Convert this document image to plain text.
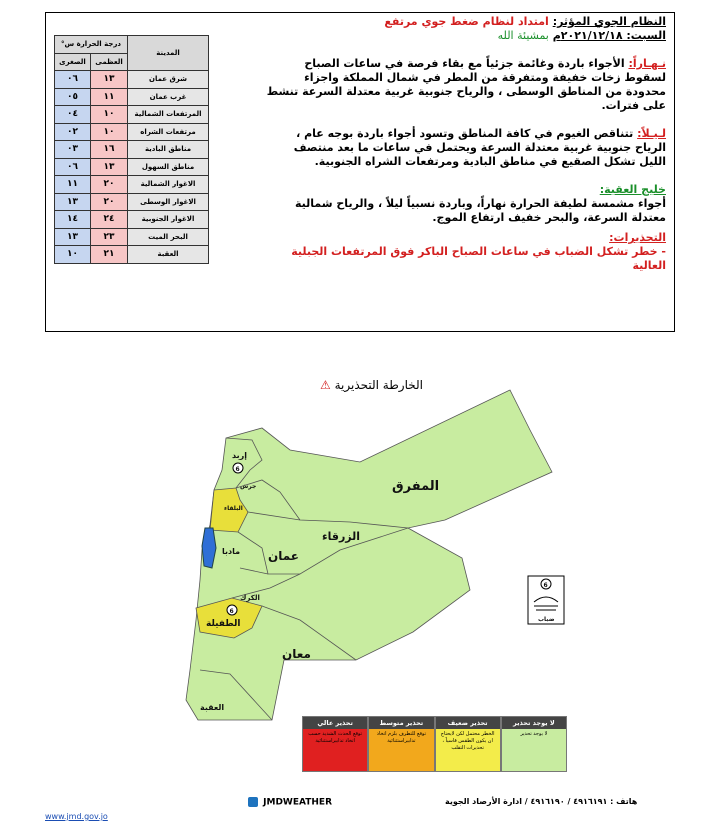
النظام الجوي المؤثر: امتداد لنظام ضغط جوي مرتفع
السبت: ٢٠٢١/١٢/١٨م بمشيئة الله

نـهـاراً: الأجواء باردة وغائمة جزئياً مع بقاء فرصة في ساعات الصباح لسقوط زخات خفيفة ومتفرقة من المطر في شمال المملكة واجزاء محدودة من المناطق الوسطى ، والرياح جنوبية غربية معتدلة السرعة تنشط على فترات.

لـيـلاً: تتناقص الغيوم في كافة المناطق وتسود أجواء باردة بوجه عام ، الرياح جنوبية غربية معتدلة السرعة ويحتمل في ساعات ما بعد منتصف الليل تشكل الصقيع في مناطق البادية ومرتفعات الشراه الجنوبية.

خليج العقبة:

أجواء مشمسة لطيفة الحرارة نهاراً، وباردة نسبياً ليلاً ، والرياح شمالية معتدلة السرعة، والبحر خفيف ارتفاع الموج.

التحذيرات:

- خطر تشكل الضباب في ساعات الصباح الباكر فوق المرتفعات الجبلية العالية

المدينة	درجة الحرارة س°	
	العظمى	الصغرى
شرق عمان	١٣	٠٦
غرب عمان	١١	٠٥
المرتفعات الشمالية	١٠	٠٤
مرتفعات الشراه	١٠	٠٢
مناطق البادية	١٦	٠٣
مناطق السهول	١٣	٠٦
الاغوار الشمالية	٢٠	١١
الاغوار الوسطى	٢٠	١٣
الاغوار الجنوبية	٢٤	١٤
البحر الميت	٢٣	١٣
العقبة	٢١	١٠
الخارطة التحذيرية ⚠
إربد
جرش
البلقاء
المفرق
الزرقاء
عمان
مادبا
الكرك
الطفيلة
معان
العقبة
6
6
6
ضباب
لا يوجد تحذير
لا يوجد تحذير
تحذير ضعيف
الخطر محتمل لكن لايحتاج ان يكون الطقس قاسياً ، تحذيرات التقلب
تحذير متوسط
توقع للتطرف بلزم اتخاذ تدابيراستثنائية
تحذير عالي
توقع الحدث الشديد حسب اتخاذ تدابيراستثنائية
JMDWEATHER	هاتف : ٤٩١٦١٩١ / ٤٩١٦١٩٠ / ادارة الأرصاد الجوية
www.jmd.gov.jo
